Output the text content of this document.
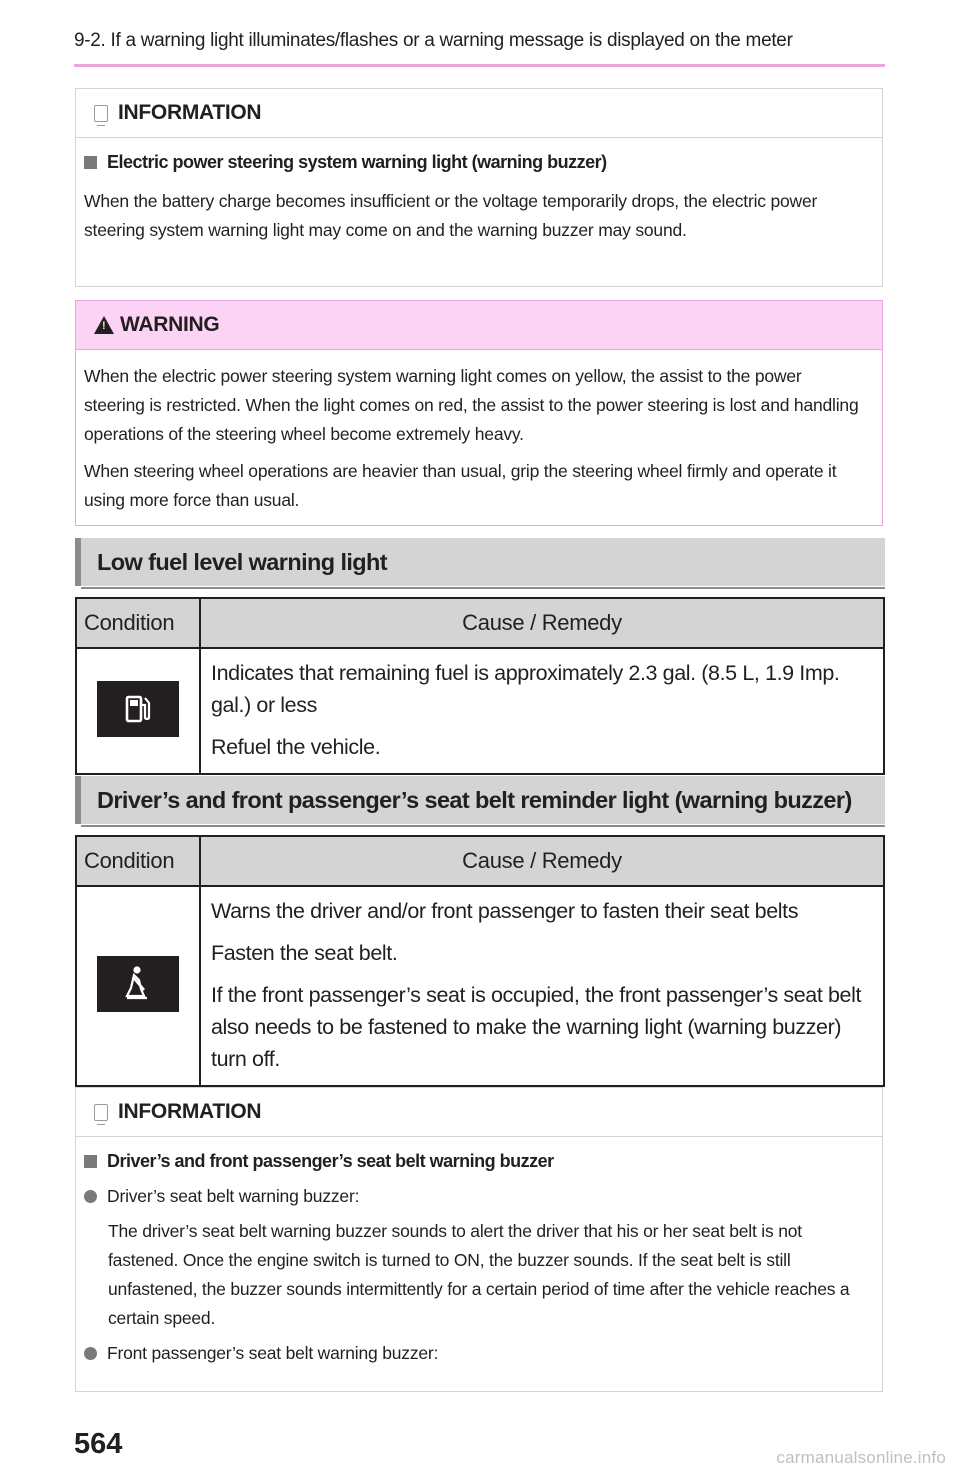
9-2. If a warning light illuminates/flashes or a warning message is displayed on the meter
INFORMATION
Electric power steering system warning light (warning buzzer)

When the battery charge becomes insufficient or the voltage temporarily drops, the electric power steering system warning light may come on and the warning buzzer may sound.

! WARNING

When the electric power steering system warning light comes on yellow, the assist to the power steering is restricted. When the light comes on red, the assist to the power steering is lost and handling operations of the steering wheel become extremely heavy.

When steering wheel operations are heavier than usual, grip the steering wheel firmly and operate it using more force than usual.

Low fuel level warning light
Condition	Cause / Remedy

Indicates that remaining fuel is approximately 2.3 gal. (8.5 L, 1.9 Imp. gal.) or less

Refuel the vehicle.

Driver’s and front passenger’s seat belt reminder light (warning buzzer)
Condition	Cause / Remedy

Warns the driver and/or front passenger to fasten their seat belts

Fasten the seat belt.

If the front passenger’s seat is occupied, the front passenger’s seat belt also needs to be fastened to make the warning light (warning buzzer) turn off.

INFORMATION
Driver’s and front passenger’s seat belt warning buzzer
Driver’s seat belt warning buzzer:

The driver’s seat belt warning buzzer sounds to alert the driver that his or her seat belt is not fastened. Once the engine switch is turned to ON, the buzzer sounds. If the seat belt is still unfastened, the buzzer sounds intermittently for a certain period of time after the vehicle reaches a certain speed.

Front passenger’s seat belt warning buzzer:
564	carmanualsonline.info
